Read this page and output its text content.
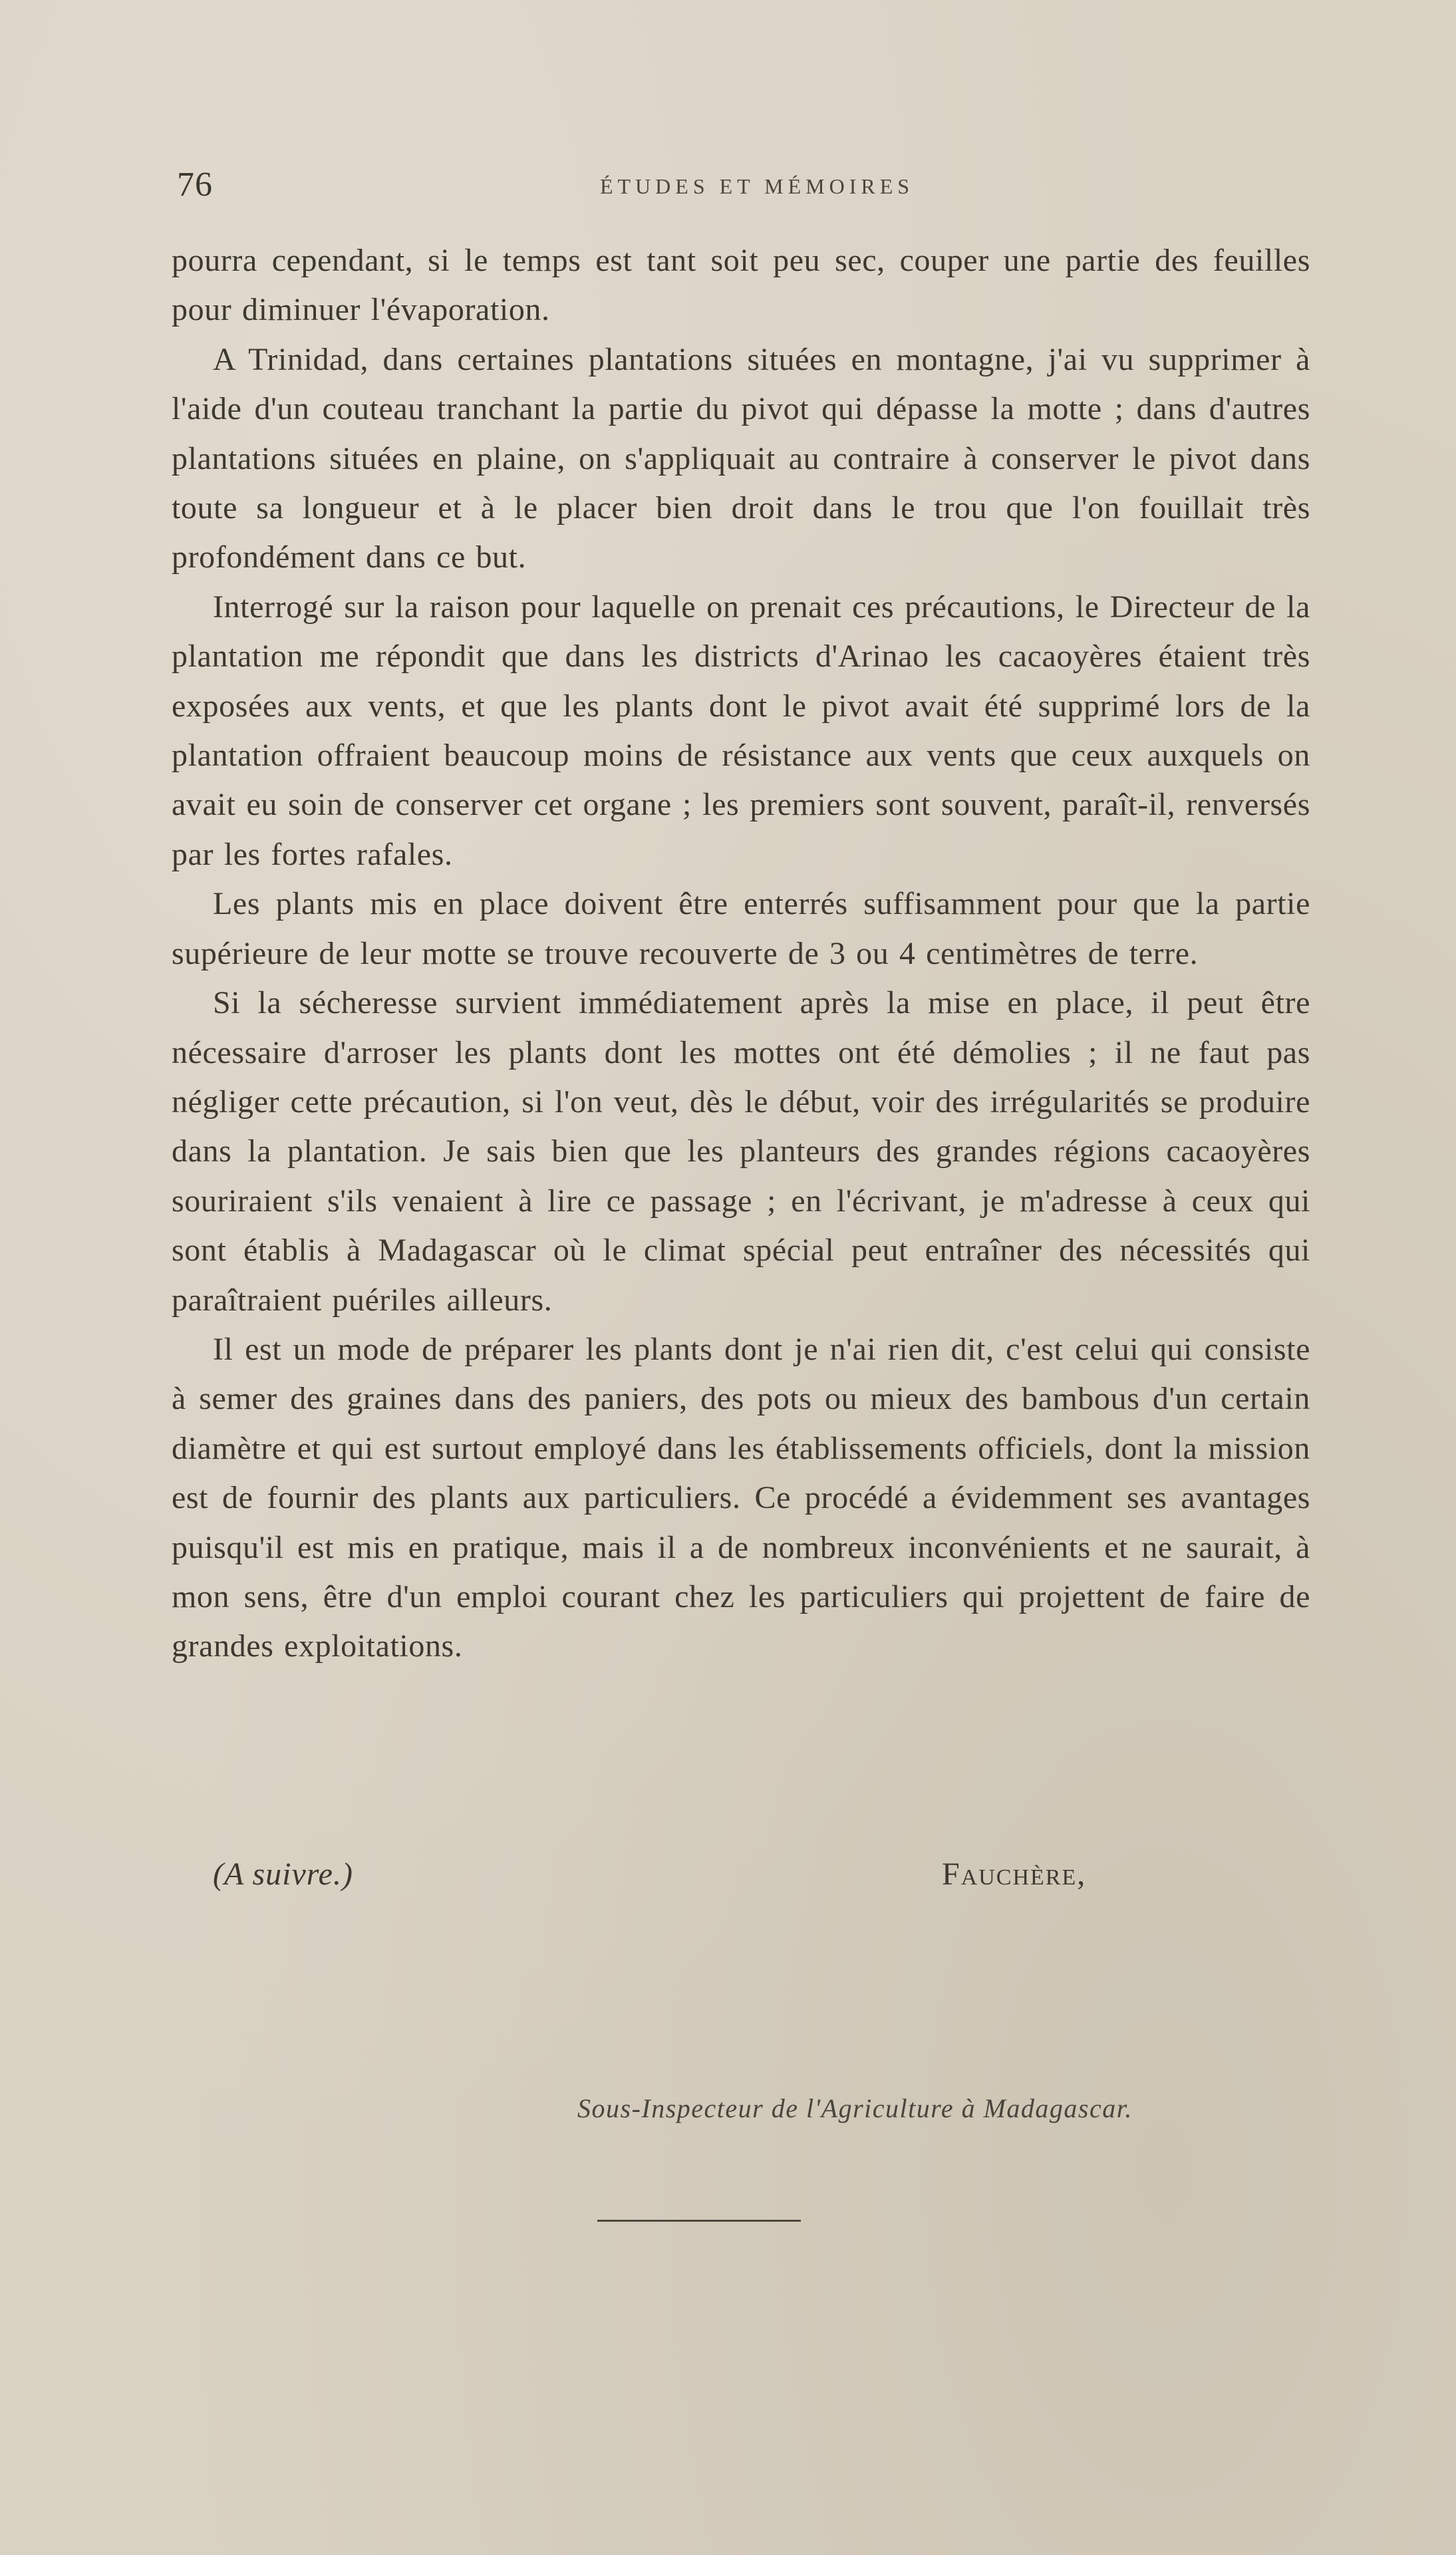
76	ÉTUDES ET MÉMOIRES

pourra cependant, si le temps est tant soit peu sec, couper une partie des feuilles pour diminuer l'évaporation.

A Trinidad, dans certaines plantations situées en montagne, j'ai vu supprimer à l'aide d'un couteau tranchant la partie du pivot qui dépasse la motte ; dans d'autres plantations situées en plaine, on s'appliquait au contraire à conserver le pivot dans toute sa longueur et à le placer bien droit dans le trou que l'on fouillait très profondément dans ce but.

Interrogé sur la raison pour laquelle on prenait ces précautions, le Directeur de la plantation me répondit que dans les districts d'Arinao les cacaoyères étaient très exposées aux vents, et que les plants dont le pivot avait été supprimé lors de la plantation offraient beaucoup moins de résistance aux vents que ceux auxquels on avait eu soin de conserver cet organe ; les premiers sont souvent, paraît-il, renversés par les fortes rafales.

Les plants mis en place doivent être enterrés suffisamment pour que la partie supérieure de leur motte se trouve recouverte de 3 ou 4 centimètres de terre.

Si la sécheresse survient immédiatement après la mise en place, il peut être nécessaire d'arroser les plants dont les mottes ont été démolies ; il ne faut pas négliger cette précaution, si l'on veut, dès le début, voir des irrégularités se produire dans la plantation. Je sais bien que les planteurs des grandes régions cacaoyères souriraient s'ils venaient à lire ce passage ; en l'écrivant, je m'adresse à ceux qui sont établis à Madagascar où le climat spécial peut entraîner des nécessités qui paraîtraient puériles ailleurs.

Il est un mode de préparer les plants dont je n'ai rien dit, c'est celui qui consiste à semer des graines dans des paniers, des pots ou mieux des bambous d'un certain diamètre et qui est surtout employé dans les établissements officiels, dont la mission est de fournir des plants aux particuliers. Ce procédé a évidemment ses avantages puisqu'il est mis en pratique, mais il a de nombreux inconvénients et ne saurait, à mon sens, être d'un emploi courant chez les particuliers qui projettent de faire de grandes exploitations.

(A suivre.)	Fauchère,
Sous-Inspecteur de l'Agriculture à Madagascar.
